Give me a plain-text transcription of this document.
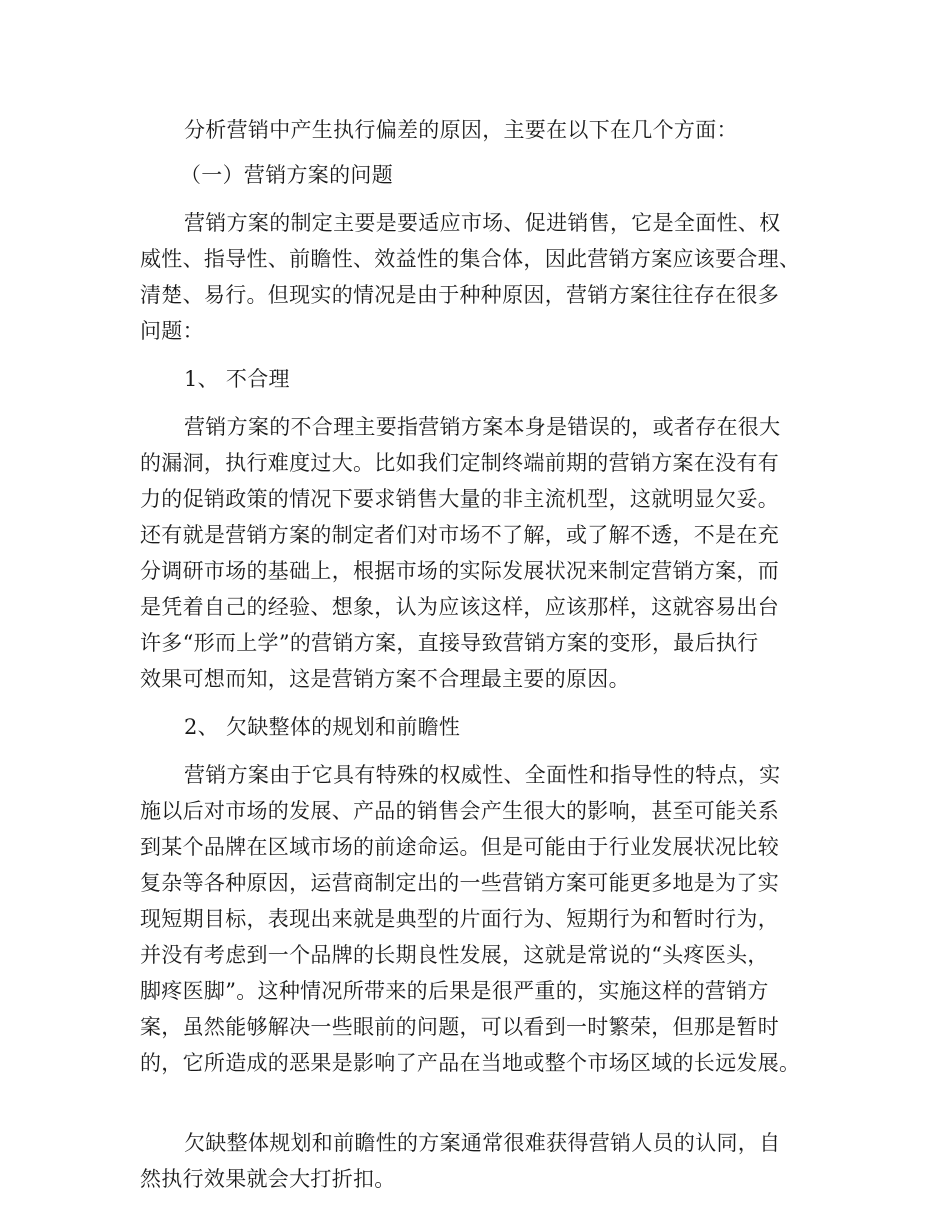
分析营销中产生执行偏差的原因，主要在以下在几个方面：

（一）营销方案的问题

营销方案的制定主要是要适应市场、促进销售，它是全面性、权

威性、指导性、前瞻性、效益性的集合体，因此营销方案应该要合理、

清楚、易行。但现实的情况是由于种种原因，营销方案往往存在很多

问题：

1、 不合理

营销方案的不合理主要指营销方案本身是错误的，或者存在很大

的漏洞，执行难度过大。比如我们定制终端前期的营销方案在没有有

力的促销政策的情况下要求销售大量的非主流机型，这就明显欠妥。

还有就是营销方案的制定者们对市场不了解，或了解不透，不是在充

分调研市场的基础上，根据市场的实际发展状况来制定营销方案，而

是凭着自己的经验、想象，认为应该这样，应该那样，这就容易出台

许多“形而上学”的营销方案，直接导致营销方案的变形，最后执行

效果可想而知，这是营销方案不合理最主要的原因。

2、 欠缺整体的规划和前瞻性

营销方案由于它具有特殊的权威性、全面性和指导性的特点，实

施以后对市场的发展、产品的销售会产生很大的影响，甚至可能关系

到某个品牌在区域市场的前途命运。但是可能由于行业发展状况比较

复杂等各种原因，运营商制定出的一些营销方案可能更多地是为了实

现短期目标，表现出来就是典型的片面行为、短期行为和暂时行为，

并没有考虑到一个品牌的长期良性发展，这就是常说的“头疼医头，

脚疼医脚”。这种情况所带来的后果是很严重的，实施这样的营销方

案，虽然能够解决一些眼前的问题，可以看到一时繁荣，但那是暂时

的，它所造成的恶果是影响了产品在当地或整个市场区域的长远发展。

欠缺整体规划和前瞻性的方案通常很难获得营销人员的认同，自

然执行效果就会大打折扣。
